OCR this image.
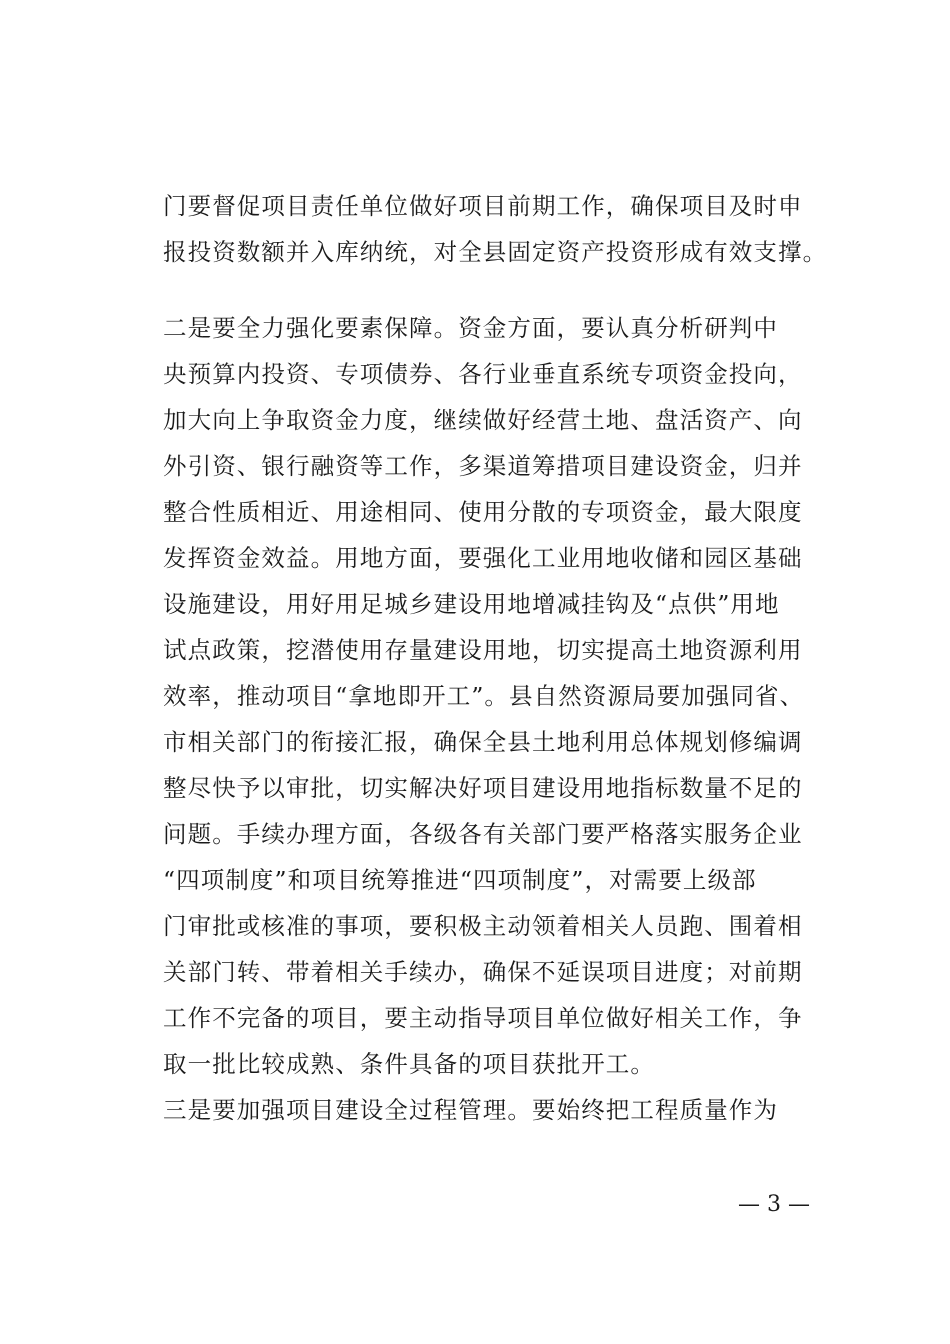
门要督促项目责任单位做好项目前期工作，确保项目及时申

报投资数额并入库纳统，对全县固定资产投资形成有效支撑。

二是要全力强化要素保障。资金方面，要认真分析研判中

央预算内投资、专项债券、各行业垂直系统专项资金投向，

加大向上争取资金力度，继续做好经营土地、盘活资产、向

外引资、银行融资等工作，多渠道筹措项目建设资金，归并

整合性质相近、用途相同、使用分散的专项资金，最大限度

发挥资金效益。用地方面，要强化工业用地收储和园区基础

设施建设，用好用足城乡建设用地增减挂钩及“点供”用地

试点政策，挖潜使用存量建设用地，切实提高土地资源利用

效率，推动项目“拿地即开工”。县自然资源局要加强同省、

市相关部门的衔接汇报，确保全县土地利用总体规划修编调

整尽快予以审批，切实解决好项目建设用地指标数量不足的

问题。手续办理方面，各级各有关部门要严格落实服务企业

“四项制度”和项目统筹推进“四项制度”，对需要上级部

门审批或核准的事项，要积极主动领着相关人员跑、围着相

关部门转、带着相关手续办，确保不延误项目进度；对前期

工作不完备的项目，要主动指导项目单位做好相关工作，争

取一批比较成熟、条件具备的项目获批开工。

三是要加强项目建设全过程管理。要始终把工程质量作为

— 3 —
